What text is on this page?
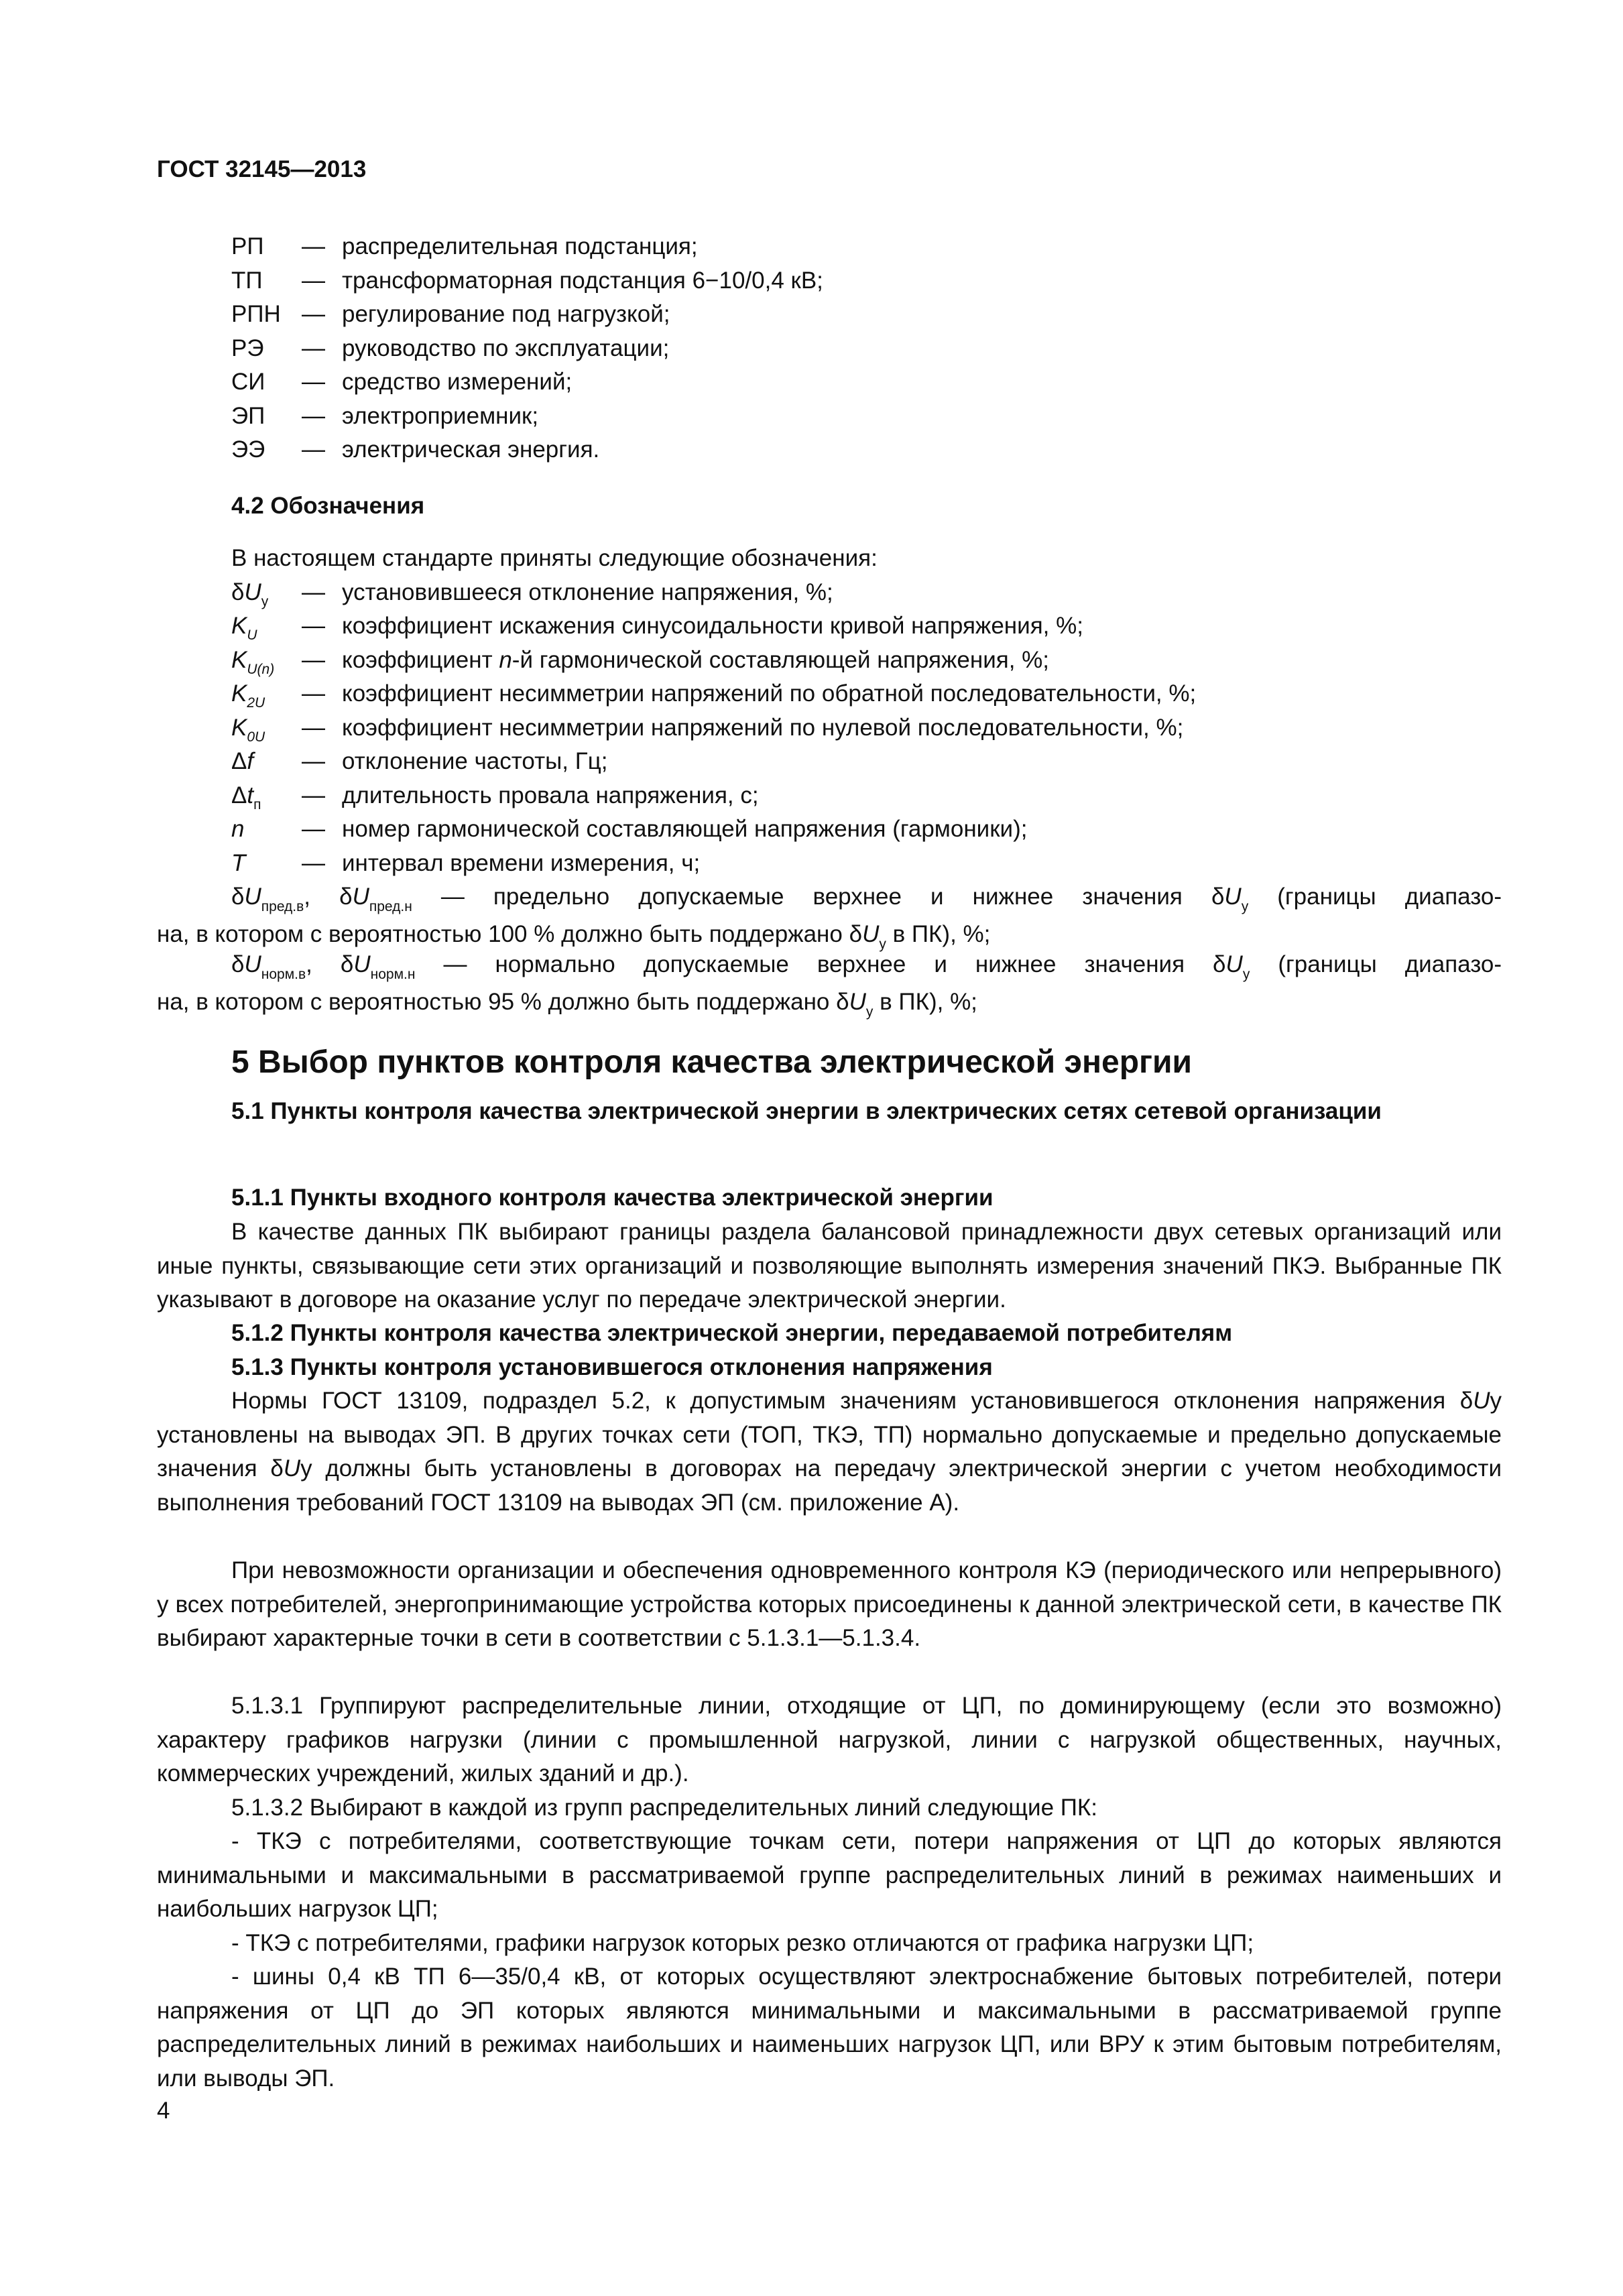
ГОСТ 32145—2013
РП — распределительная подстанция;
ТП — трансформаторная подстанция 6−10/0,4 кВ;
РПН — регулирование под нагрузкой;
РЭ — руководство по эксплуатации;
СИ — средство измерений;
ЭП — электроприемник;
ЭЭ — электрическая энергия.
4.2 Обозначения
В настоящем стандарте приняты следующие обозначения:
$\delta U_y$ — установившееся отклонение напряжения, %;
$K_U$ — коэффициент искажения синусоидальности кривой напряжения, %;
$K_{U(n)}$ — коэффициент n-й гармонической составляющей напряжения, %;
$K_{2U}$ — коэффициент несимметрии напряжений по обратной последовательности, %;
$K_{0U}$ — коэффициент несимметрии напряжений по нулевой последовательности, %;
Δf — отклонение частоты, Гц;
$\Delta t_п$ — длительность провала напряжения, с;
n — номер гармонической составляющей напряжения (гармоники);
T — интервал времени измерения, ч;
$\delta U_{пред.в}$, $\delta U_{пред.н}$ — предельно допускаемые верхнее и нижнее значения $\delta U_y$ (границы диапазо-
на, в котором с вероятностью 100 % должно быть поддержано $\delta U_y$ в ПК), %;
$\delta U_{норм.в}$, $\delta U_{норм.н}$ — нормально допускаемые верхнее и нижнее значения $\delta U_y$ (границы диапазо-
на, в котором с вероятностью 95 % должно быть поддержано $\delta U_y$ в ПК), %;
5 Выбор пунктов контроля качества электрической энергии
5.1 Пункты контроля качества электрической энергии в электрических сетях сетевой организации
5.1.1 Пункты входного контроля качества электрической энергии
В качестве данных ПК выбирают границы раздела балансовой принадлежности двух сетевых организаций или иные пункты, связывающие сети этих организаций и позволяющие выполнять измерения значений ПКЭ. Выбранные ПК указывают в договоре на оказание услуг по передаче электрической энергии.
5.1.2 Пункты контроля качества электрической энергии, передаваемой потребителям
5.1.3 Пункты контроля установившегося отклонения напряжения
Нормы ГОСТ 13109, подраздел 5.2, к допустимым значениям установившегося отклонения напряжения δUy установлены на выводах ЭП. В других точках сети (ТОП, ТКЭ, ТП) нормально допускаемые и предельно допускаемые значения δUy должны быть установлены в договорах на передачу электрической энергии с учетом необходимости выполнения требований ГОСТ 13109 на выводах ЭП (см. приложение А).
При невозможности организации и обеспечения одновременного контроля КЭ (периодического или непрерывного) у всех потребителей, энергопринимающие устройства которых присоединены к данной электрической сети, в качестве ПК выбирают характерные точки в сети в соответствии с 5.1.3.1—5.1.3.4.
5.1.3.1 Группируют распределительные линии, отходящие от ЦП, по доминирующему (если это возможно) характеру графиков нагрузки (линии с промышленной нагрузкой, линии с нагрузкой общественных, научных, коммерческих учреждений, жилых зданий и др.).
5.1.3.2 Выбирают в каждой из групп распределительных линий следующие ПК:
- ТКЭ с потребителями, соответствующие точкам сети, потери напряжения от ЦП до которых являются минимальными и максимальными в рассматриваемой группе распределительных линий в режимах наименьших и наибольших нагрузок ЦП;
- ТКЭ с потребителями, графики нагрузок которых резко отличаются от графика нагрузки ЦП;
- шины 0,4 кВ ТП 6—35/0,4 кВ, от которых осуществляют электроснабжение бытовых потребителей, потери напряжения от ЦП до ЭП которых являются минимальными и максимальными в рассматриваемой группе распределительных линий в режимах наибольших и наименьших нагрузок ЦП, или ВРУ к этим бытовым потребителям, или выводы ЭП.
4
